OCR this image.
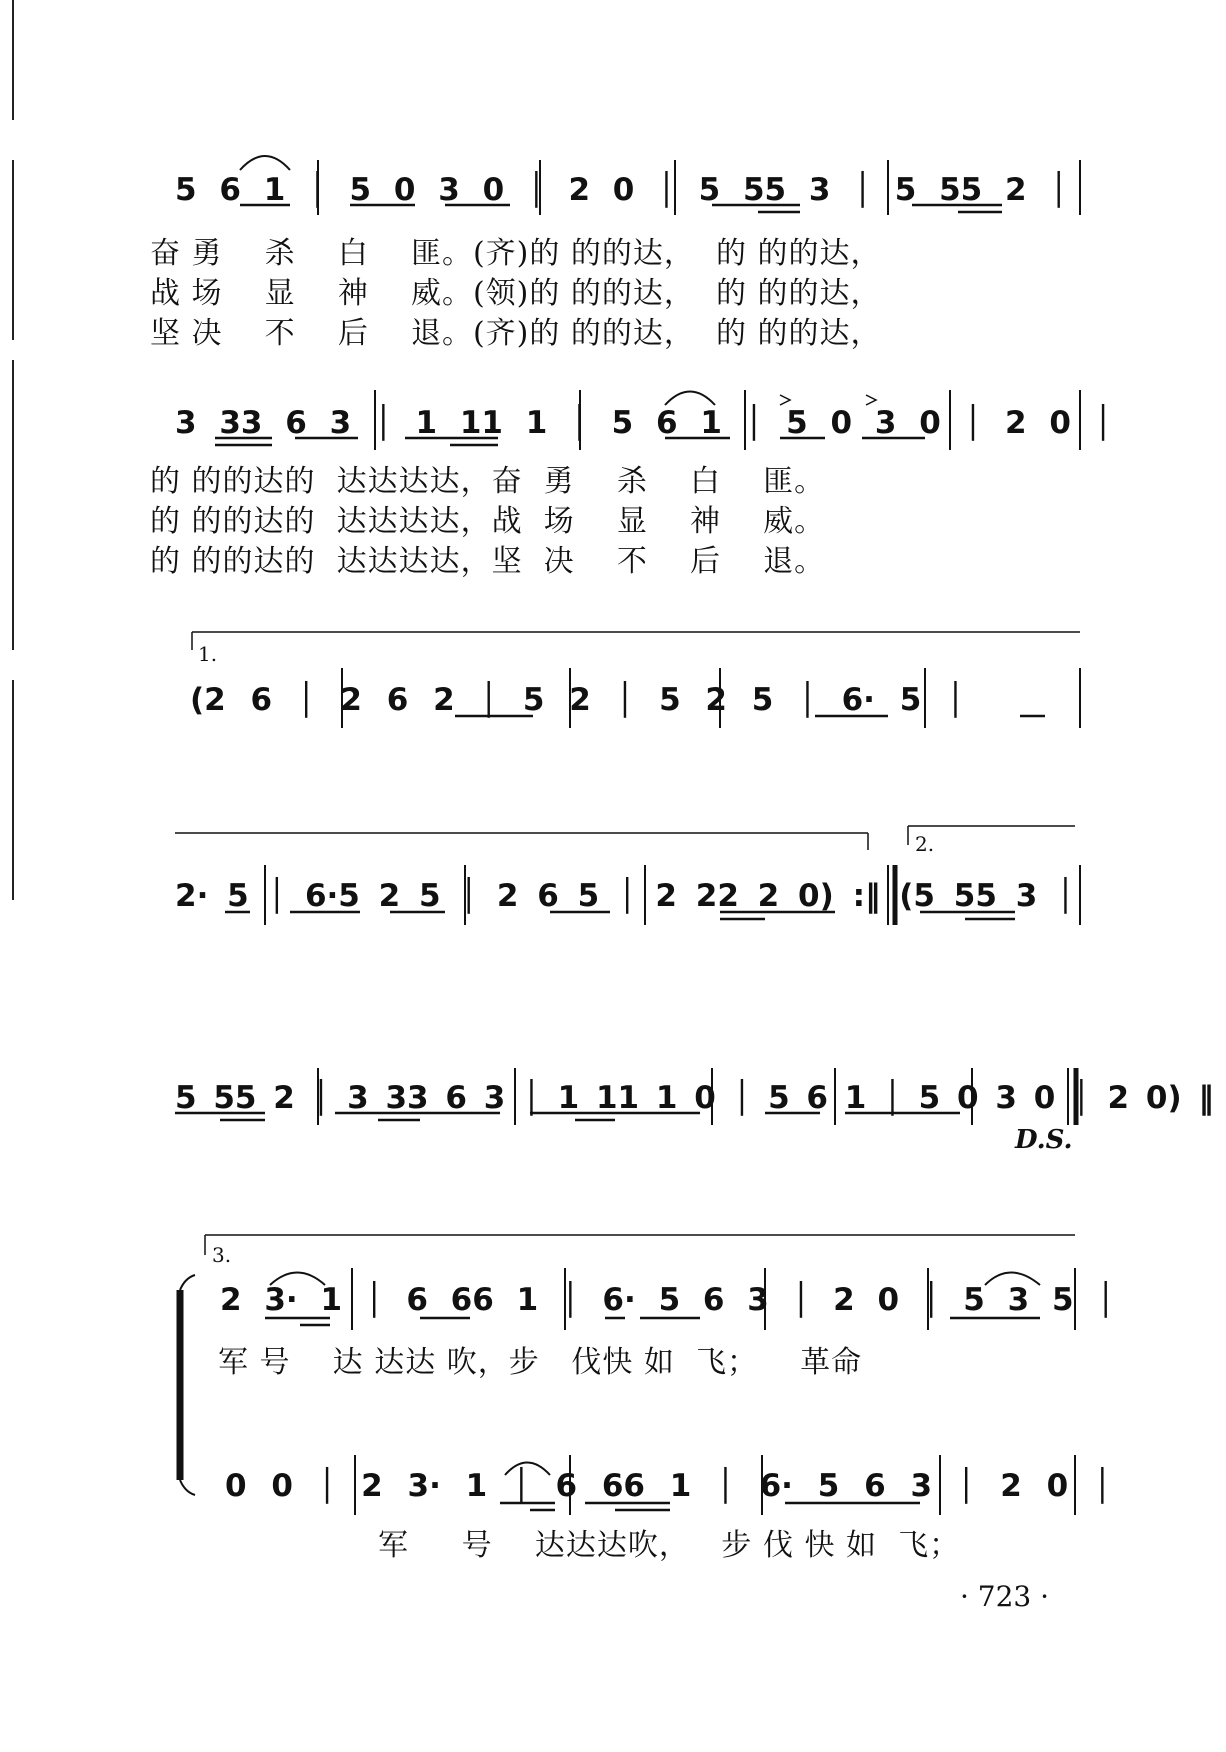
5 6 1 │ 5 0 3 0 │ 2 0 │ 5 55 3 │ 5 55 2 │
奋 勇    杀    白    匪。(齐)的 的的达，  的 的的达，
战 场    显    神    威。(领)的 的的达，  的 的的达，
坚 决    不    后    退。(齐)的 的的达，  的 的的达，
3 33 6 3 │ 1 11 1 │ 5 6 1 │ 5 0 3 0 │ 2 0 │
的 的的达的  达达达达，奋  勇    杀    白    匪。
的 的的达的  达达达达，战  场    显    神    威。
的 的的达的  达达达达，坚  决    不    后    退。
1.
(2 6 │ 2 6 2 │ 5 2 │ 5 2 5 │ 6· 5 │
2.
2· 5 │ 6·5 2 5 │ 2 6 5 │ 2 22 2 0) :‖ (5 55 3 │
5 55 2 │ 3 33 6 3 │ 1 11 1 0 │ 5 6 1 │ 5 0 3 0 │ 2 0) ‖
D.S.
3.
2 3· 1 │ 6 66 1 │ 6· 5 6 3 │ 2 0 │ 5 3 5 │
军 号    达 达达 吹，步   伐快 如  飞；    革命
0 0 │ 2 3· 1 │ 6 66 1 │ 6· 5 6 3 │ 2 0 │
军     号    达达达吹，   步 伐 快 如  飞；
· 723 ·
